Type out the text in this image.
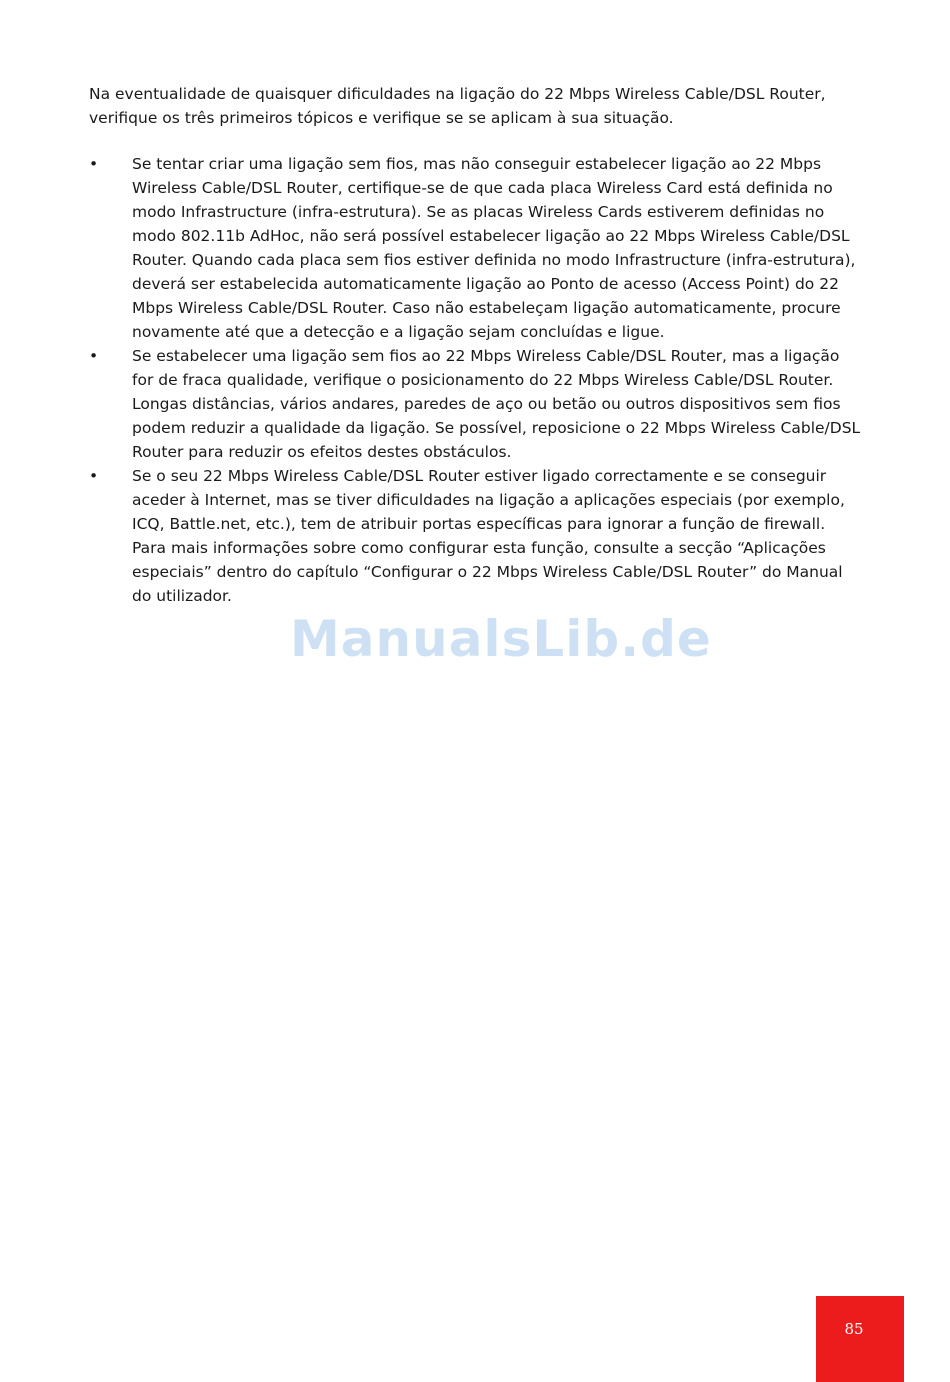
Na eventualidade de quaisquer dificuldades na ligação do 22 Mbps Wireless Cable/DSL Router, verifique os três primeiros tópicos e verifique se se aplicam à sua situação.

•	Se tentar criar uma ligação sem fios, mas não conseguir estabelecer ligação ao 22 Mbps Wireless Cable/DSL Router, certifique-se de que cada placa Wireless Card está definida no modo Infrastructure (infra-estrutura). Se as placas Wireless Cards estiverem definidas no modo 802.11b AdHoc, não será possível estabelecer ligação ao 22 Mbps Wireless Cable/DSL Router. Quando cada placa sem fios estiver definida no modo Infrastructure (infra-estrutura), deverá ser estabelecida automaticamente ligação ao Ponto de acesso (Access Point) do 22 Mbps Wireless Cable/DSL Router. Caso não estabeleçam ligação automaticamente, procure novamente até que a detecção e a ligação sejam concluídas e ligue.
•	Se estabelecer uma ligação sem fios ao 22 Mbps Wireless Cable/DSL Router, mas a ligação for de fraca qualidade, verifique o posicionamento do 22 Mbps Wireless Cable/DSL Router. Longas distâncias, vários andares, paredes de aço ou betão ou outros dispositivos sem fios podem reduzir a qualidade da ligação. Se possível, reposicione o 22 Mbps Wireless Cable/DSL Router para reduzir os efeitos destes obstáculos.
•	Se o seu 22 Mbps Wireless Cable/DSL Router estiver ligado correctamente e se conseguir aceder à Internet, mas se tiver dificuldades na ligação a aplicações especiais (por exemplo, ICQ, Battle.net, etc.), tem de atribuir portas específicas para ignorar a função de firewall. Para mais informações sobre como configurar esta função, consulte a secção “Aplicações especiais” dentro do capítulo “Configurar o 22 Mbps Wireless Cable/DSL Router” do Manual do utilizador.
ManualsLib.de
85
